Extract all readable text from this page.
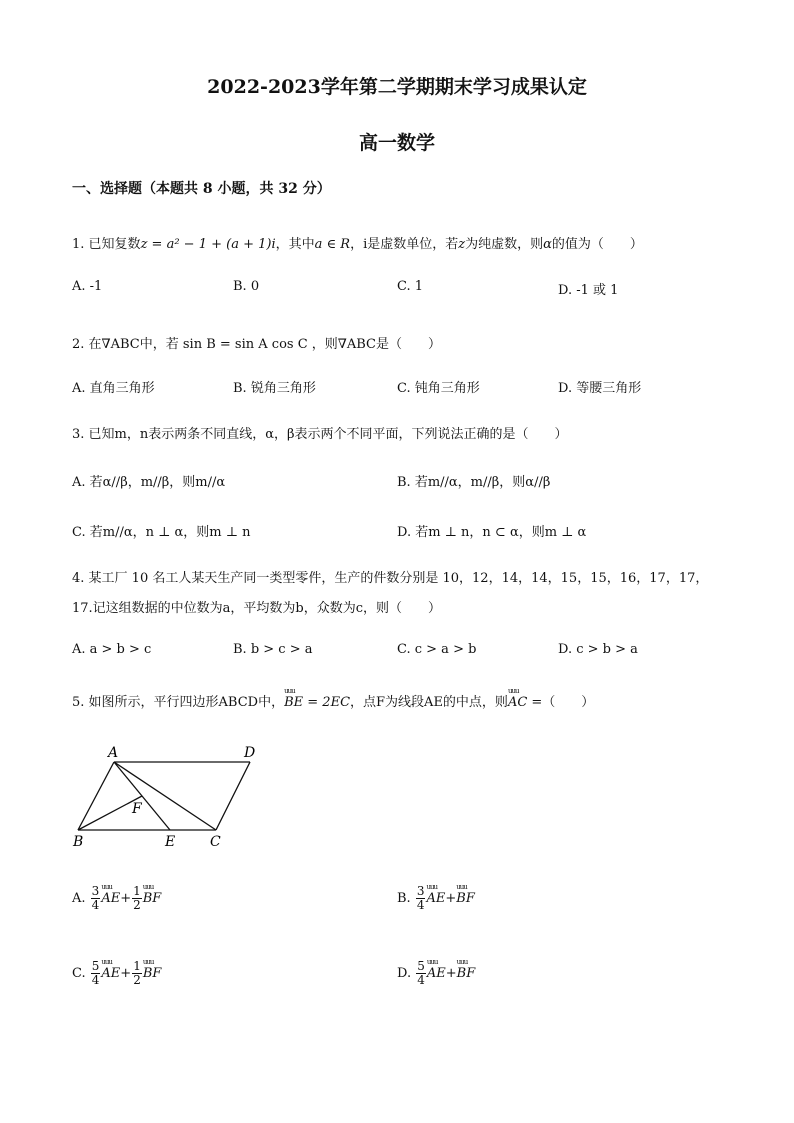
2022-2023学年第二学期期末学习成果认定
高一数学
一、选择题（本题共 8 小题，共 32 分）
1. 已知复数z = a² − 1 + (a + 1)i，其中a ∈ R，i是虚数单位，若z为纯虚数，则α的值为（　　）
A. -1	B. 0	C. 1	D. -1 或 1
2. 在∇ABC中，若 sin B = sin A cos C ，则∇ABC是（　　）
A. 直角三角形	B. 锐角三角形	C. 钝角三角形	D. 等腰三角形
3. 已知m，n表示两条不同直线，α，β表示两个不同平面，下列说法正确的是（　　）
A. 若α//β，m//β，则m//α	B. 若m//α，m//β，则α//β
C. 若m//α，n ⊥ α，则m ⊥ n	D. 若m ⊥ n，n ⊂ α，则m ⊥ α
4. 某工厂 10 名工人某天生产同一类型零件，生产的件数分别是 10，12，14，14，15，15，16，17，17，
17.记这组数据的中位数为a，平均数为b，众数为c，则（　　）
A. a > b > c	B. b > c > a	C. c > a > b	D. c > b > a
5. 如图所示，平行四边形ABCD中，uuu BE = 2EC，点F为线段AE的中点，则uuu AC =（　　）
A	D
F
B	E C
A. $\frac{3}{4}$ uuu $AE+ \frac{1}{2}$ uuu BF	B. $\frac{3}{4}$ uuu AE+uuu BF
C. $\frac{5}{4}$ uuu $AE+ \frac{1}{2}$ uuu BF	D. $\frac{5}{4}$ uuu AE+uuu BF
